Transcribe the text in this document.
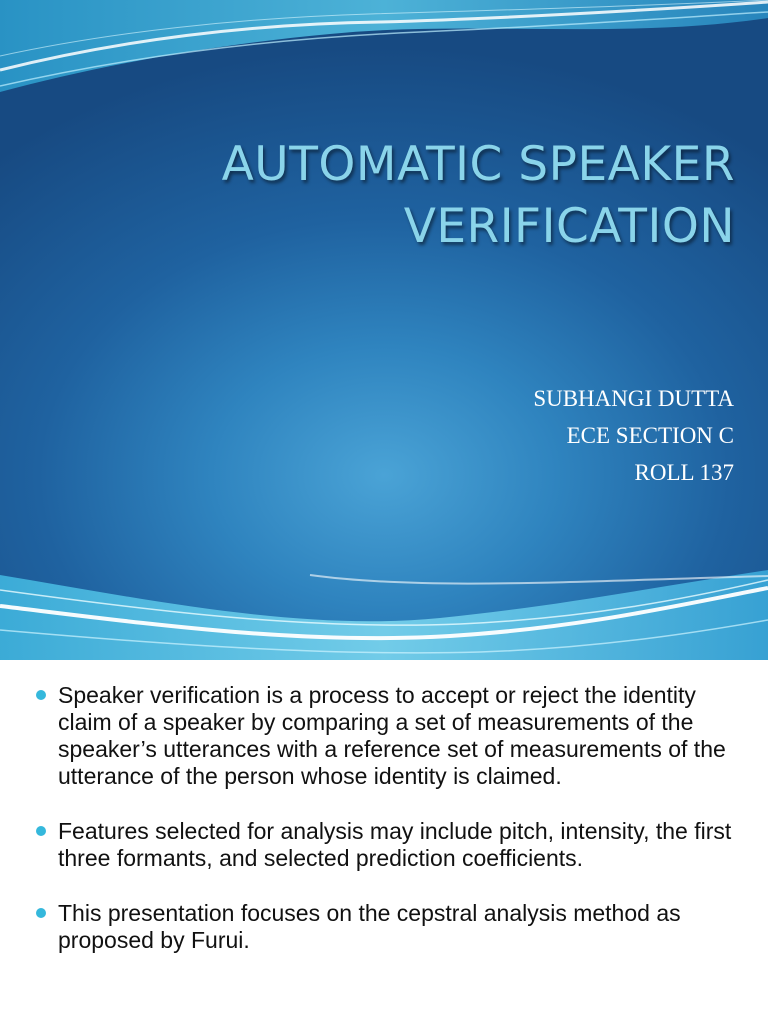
AUTOMATIC SPEAKER
VERIFICATION
SUBHANGI DUTTA
ECE SECTION C
ROLL 137
Speaker verification is a process to accept or reject the identity claim of a speaker by comparing a set of measurements of the speaker’s utterances with a reference set of measurements of the utterance of the person whose identity is claimed.
Features selected for analysis may include pitch, intensity, the first three formants, and selected prediction coefficients.
This presentation focuses on the cepstral analysis method as proposed by Furui.
